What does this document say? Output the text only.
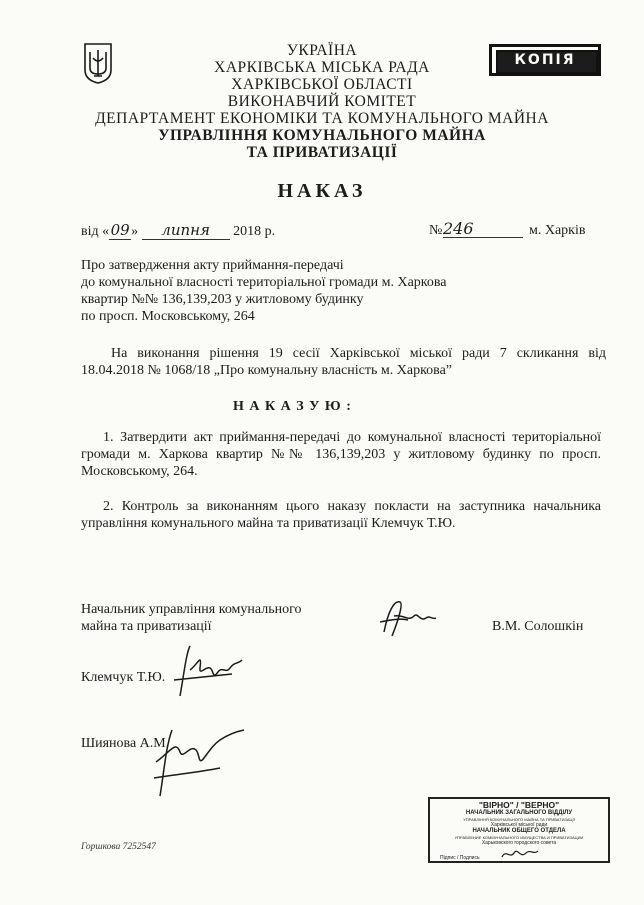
УКРАЇНА
ХАРКІВСЬКА МІСЬКА РАДА
ХАРКІВСЬКОЇ ОБЛАСТІ
ВИКОНАВЧИЙ КОМІТЕТ
ДЕПАРТАМЕНТ ЕКОНОМІКИ ТА КОМУНАЛЬНОГО МАЙНА
УПРАВЛІННЯ КОМУНАЛЬНОГО МАЙНА
ТА ПРИВАТИЗАЦІЇ
КОПІЯ
НАКАЗ
від «09» липня 2018 р.	№ 246	м. Харків
Про затвердження акту приймання-передачі
до комунальної власності територіальної громади м. Харкова
квартир №№ 136,139,203 у житловому будинку
по просп. Московському, 264
На виконання рішення 19 сесії Харківської міської ради 7 скликання від 18.04.2018 № 1068/18 „Про комунальну власність м. Харкова”
Н А К А З У Ю :
1. Затвердити акт приймання-передачі до комунальної власності територіальної громади м. Харкова квартир №№ 136,139,203 у житловому будинку по просп. Московському, 264.
2. Контроль за виконанням цього наказу покласти на заступника начальника управління комунального майна та приватизації Клемчук Т.Ю.
Начальник управління комунального
майна та приватизації	В.М. Солошкін
Клемчук Т.Ю.
Шиянова А.М.
Горшкова 7252547
"ВІРНО" / "ВЕРНО"
НАЧАЛЬНИК ЗАГАЛЬНОГО ВІДДІЛУ
УПРАВЛІННЯ КОМУНАЛЬНОГО МАЙНА ТА ПРИВАТИЗАЦІЇ
Харківської міської ради
НАЧАЛЬНИК ОБЩЕГО ОТДЕЛА
УПРАВЛЕНИЕ КОММУНАЛЬНОГО ИМУЩЕСТВА И ПРИВАТИЗАЦИИ
Харьковского городского совета
Підпис / Подпись
